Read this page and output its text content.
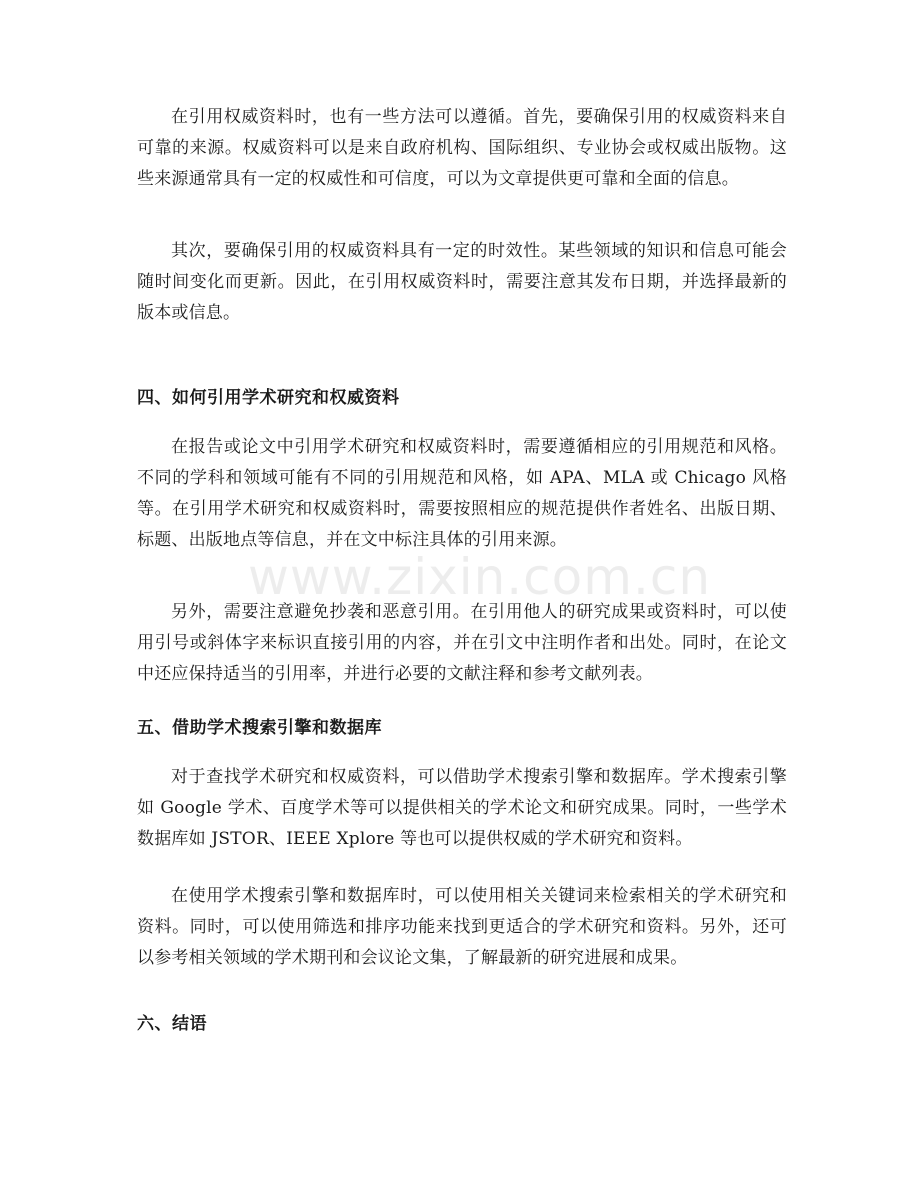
在引用权威资料时，也有一些方法可以遵循。首先，要确保引用的权威资料来自可靠的来源。权威资料可以是来自政府机构、国际组织、专业协会或权威出版物。这些来源通常具有一定的权威性和可信度，可以为文章提供更可靠和全面的信息。

其次，要确保引用的权威资料具有一定的时效性。某些领域的知识和信息可能会随时间变化而更新。因此，在引用权威资料时，需要注意其发布日期，并选择最新的版本或信息。

四、如何引用学术研究和权威资料

在报告或论文中引用学术研究和权威资料时，需要遵循相应的引用规范和风格。不同的学科和领域可能有不同的引用规范和风格，如 APA、MLA 或 Chicago 风格等。在引用学术研究和权威资料时，需要按照相应的规范提供作者姓名、出版日期、标题、出版地点等信息，并在文中标注具体的引用来源。

另外，需要注意避免抄袭和恶意引用。在引用他人的研究成果或资料时，可以使用引号或斜体字来标识直接引用的内容，并在引文中注明作者和出处。同时，在论文中还应保持适当的引用率，并进行必要的文献注释和参考文献列表。

五、借助学术搜索引擎和数据库

对于查找学术研究和权威资料，可以借助学术搜索引擎和数据库。学术搜索引擎如 Google 学术、百度学术等可以提供相关的学术论文和研究成果。同时，一些学术数据库如 JSTOR、IEEE Xplore 等也可以提供权威的学术研究和资料。

在使用学术搜索引擎和数据库时，可以使用相关关键词来检索相关的学术研究和资料。同时，可以使用筛选和排序功能来找到更适合的学术研究和资料。另外，还可以参考相关领域的学术期刊和会议论文集，了解最新的研究进展和成果。

六、结语
www.zixin.com.cn
